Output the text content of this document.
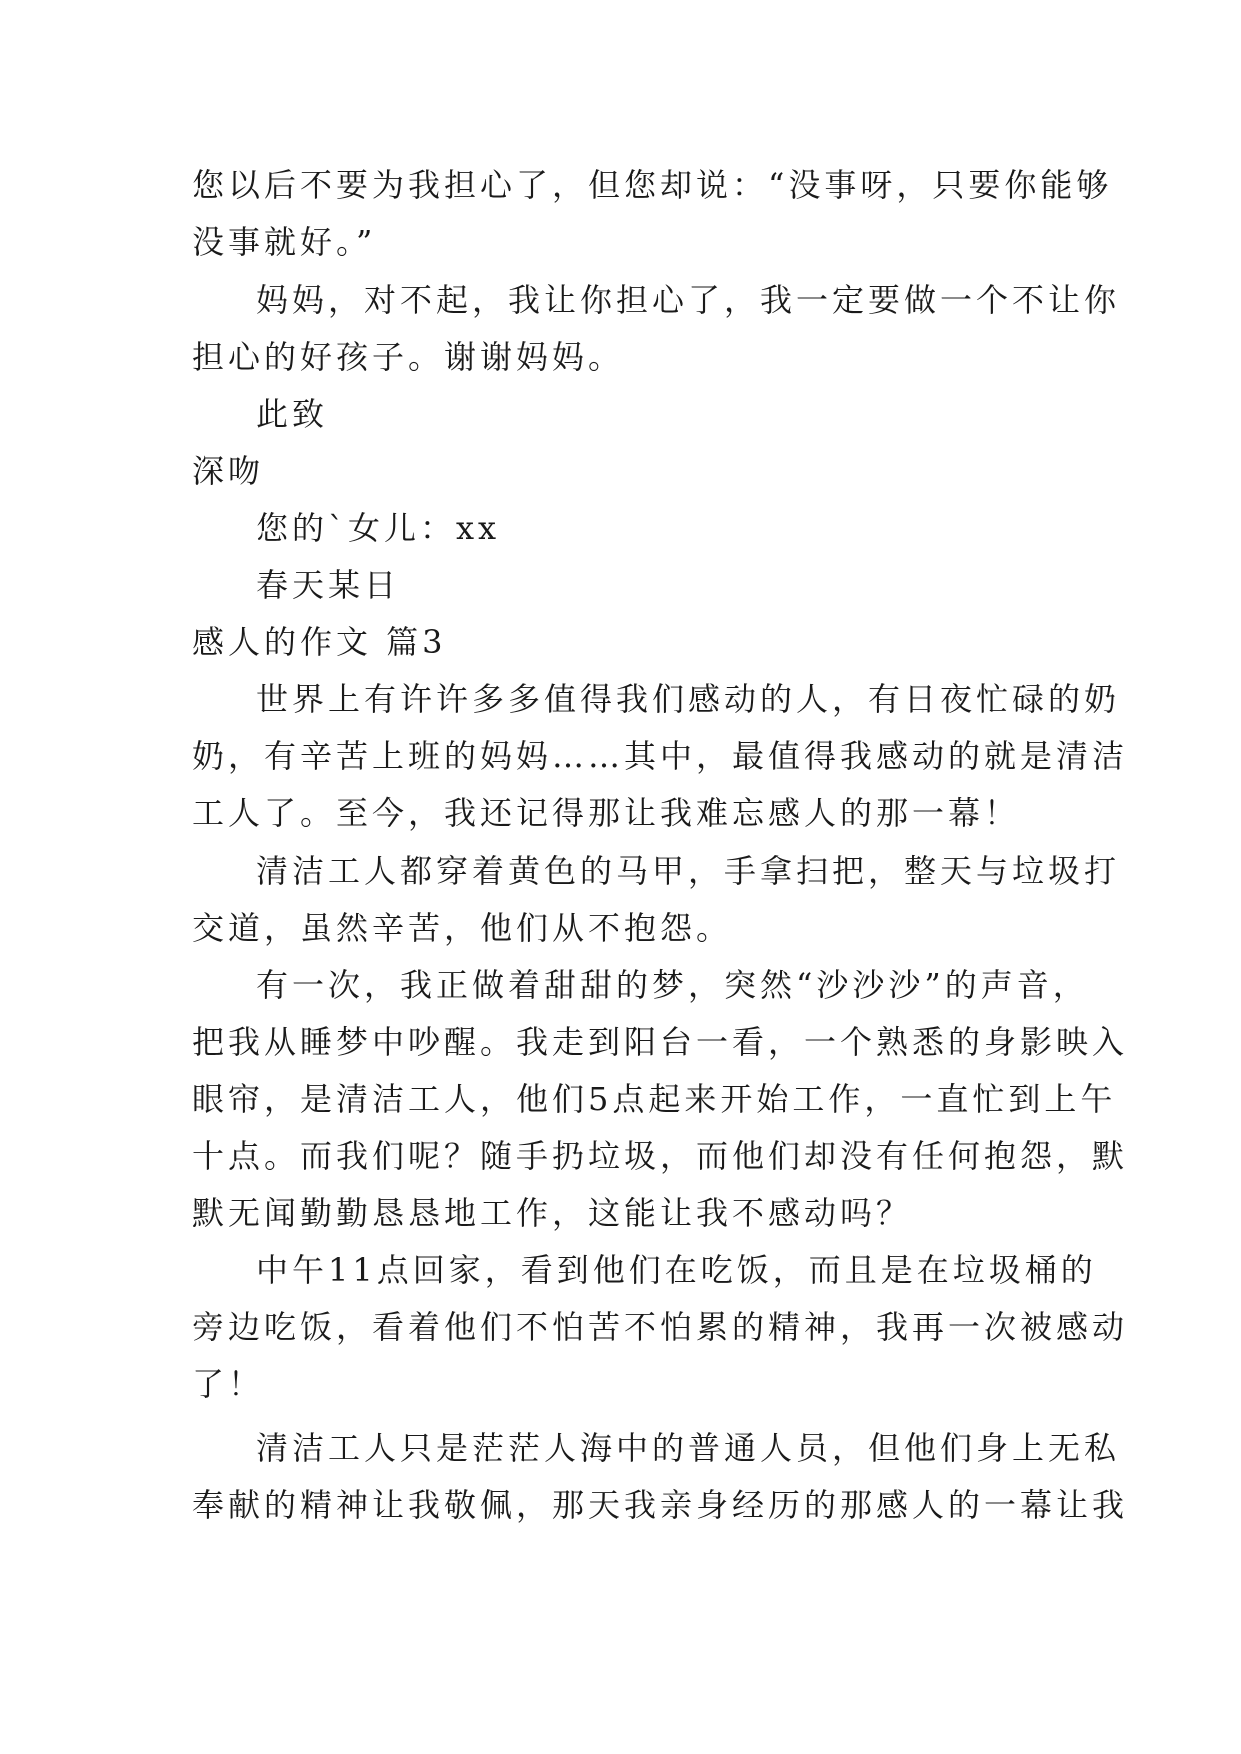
您以后不要为我担心了，但您却说：“没事呀，只要你能够
没事就好。”
妈妈，对不起，我让你担心了，我一定要做一个不让你
担心的好孩子。谢谢妈妈。
此致
深吻
您的`女儿：xx
春天某日
感人的作文 篇3
世界上有许许多多值得我们感动的人，有日夜忙碌的奶
奶，有辛苦上班的妈妈……其中，最值得我感动的就是清洁
工人了。至今，我还记得那让我难忘感人的那一幕！
清洁工人都穿着黄色的马甲，手拿扫把，整天与垃圾打
交道，虽然辛苦，他们从不抱怨。
有一次，我正做着甜甜的梦，突然“沙沙沙”的声音，
把我从睡梦中吵醒。我走到阳台一看，一个熟悉的身影映入
眼帘，是清洁工人，他们5点起来开始工作，一直忙到上午
十点。而我们呢？随手扔垃圾，而他们却没有任何抱怨，默
默无闻勤勤恳恳地工作，这能让我不感动吗？
中午11点回家，看到他们在吃饭，而且是在垃圾桶的
旁边吃饭，看着他们不怕苦不怕累的精神，我再一次被感动
了！
清洁工人只是茫茫人海中的普通人员，但他们身上无私
奉献的精神让我敬佩，那天我亲身经历的那感人的一幕让我
